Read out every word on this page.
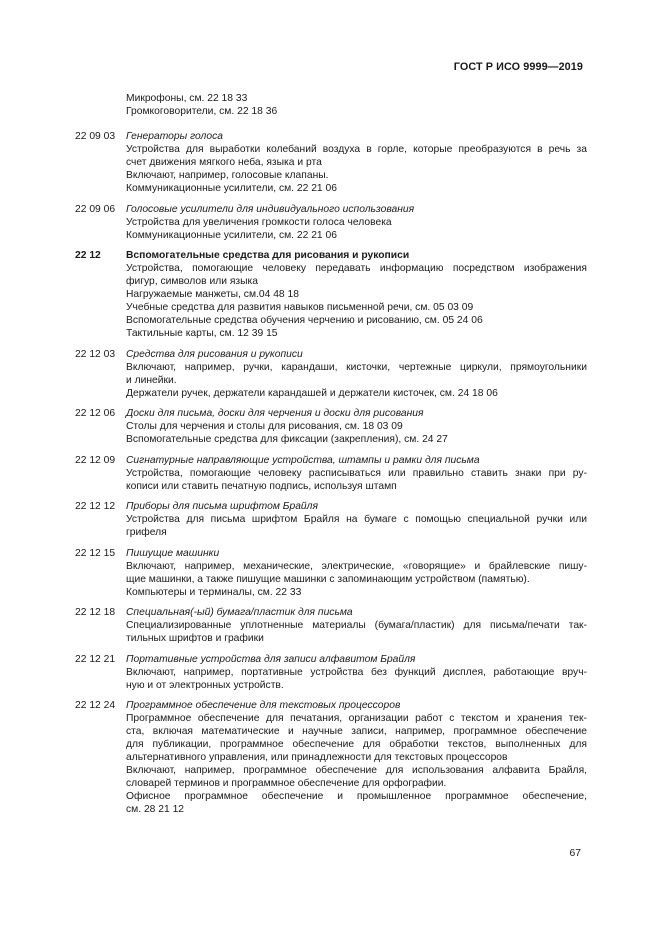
ГОСТ Р ИСО 9999—2019
Микрофоны, см. 22 18 33
Громкоговорители, см. 22 18 36
22 09 03 Генераторы голоса
Устройства для выработки колебаний воздуха в горле, которые преобразуются в речь за
счет движения мягкого неба, языка и рта
Включают, например, голосовые клапаны.
Коммуникационные усилители, см. 22 21 06
22 09 06 Голосовые усилители для индивидуального использования
Устройства для увеличения громкости голоса человека
Коммуникационные усилители, см. 22 21 06
22 12 Вспомогательные средства для рисования и рукописи
Устройства, помогающие человеку передавать информацию посредством изображения
фигур, символов или языка
Нагружаемые манжеты, см.04 48 18
Учебные средства для развития навыков письменной речи, см. 05 03 09
Вспомогательные средства обучения черчению и рисованию, см. 05 24 06
Тактильные карты, см. 12 39 15
22 12 03 Средства для рисования и рукописи
Включают, например, ручки, карандаши, кисточки, чертежные циркули, прямоугольники
и линейки.
Держатели ручек, держатели карандашей и держатели кисточек, см. 24 18 06
22 12 06 Доски для письма, доски для черчения и доски для рисования
Столы для черчения и столы для рисования, см. 18 03 09
Вспомогательные средства для фиксации (закрепления), см. 24 27
22 12 09 Сигнатурные направляющие устройства, штампы и рамки для письма
Устройства, помогающие человеку расписываться или правильно ставить знаки при ру-
кописи или ставить печатную подпись, используя штамп
22 12 12 Приборы для письма шрифтом Брайля
Устройства для письма шрифтом Брайля на бумаге с помощью специальной ручки или
грифеля
22 12 15 Пишущие машинки
Включают, например, механические, электрические, «говорящие» и брайлевские пишу-
щие машинки, а также пишущие машинки с запоминающим устройством (памятью).
Компьютеры и терминалы, см. 22 33
22 12 18 Специальная(-ый) бумага/пластик для письма
Специализированные уплотненные материалы (бумага/пластик) для письма/печати так-
тильных шрифтов и графики
22 12 21 Портативные устройства для записи алфавитом Брайля
Включают, например, портативные устройства без функций дисплея, работающие вруч-
ную и от электронных устройств.
22 12 24 Программное обеспечение для текстовых процессоров
Программное обеспечение для печатания, организации работ с текстом и хранения тек-
ста, включая математические и научные записи, например, программное обеспечение
для публикации, программное обеспечение для обработки текстов, выполненных для
альтернативного управления, или принадлежности для текстовых процессоров
Включают, например, программное обеспечение для использования алфавита Брайля,
словарей терминов и программное обеспечение для орфографии.
Офисное программное обеспечение и промышленное программное обеспечение,
см. 28 21 12
67
